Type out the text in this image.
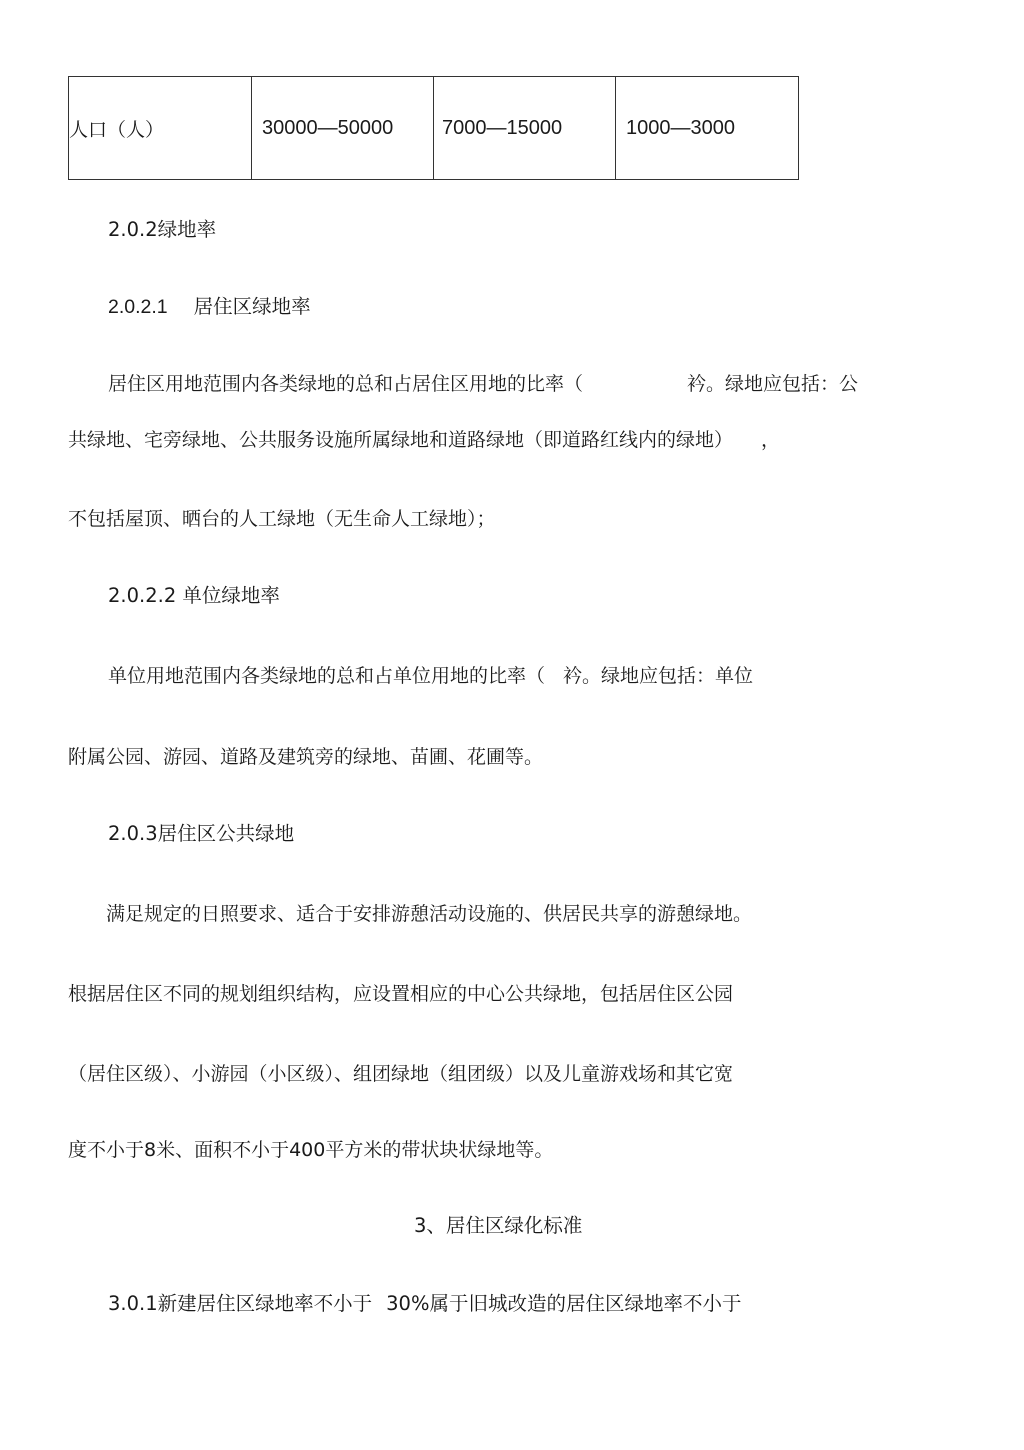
人口（人）	30000—50000	7000—15000	1000—3000
2.0.2绿地率
2.0.2.1 居住区绿地率
居住区用地范围内各类绿地的总和占居住区用地的比率（	衿。绿地应包括：公
共绿地、宅旁绿地、公共服务设施所属绿地和道路绿地（即道路红线内的绿地） ，
不包括屋顶、晒台的人工绿地（无生命人工绿地）；
2.0.2.2 单位绿地率
单位用地范围内各类绿地的总和占单位用地的比率（ 衿。绿地应包括：单位
附属公园、游园、道路及建筑旁的绿地、苗圃、花圃等。
2.0.3居住区公共绿地
满足规定的日照要求、适合于安排游憩活动设施的、供居民共享的游憩绿地。
根据居住区不同的规划组织结构，应设置相应的中心公共绿地，包括居住区公园
（居住区级）、小游园（小区级）、组团绿地（组团级）以及儿童游戏场和其它宽
度不小于8米、面积不小于400平方米的带状块状绿地等。
3、居住区绿化标准
3.0.1新建居住区绿地率不小于 30%属于旧城改造的居住区绿地率不小于
